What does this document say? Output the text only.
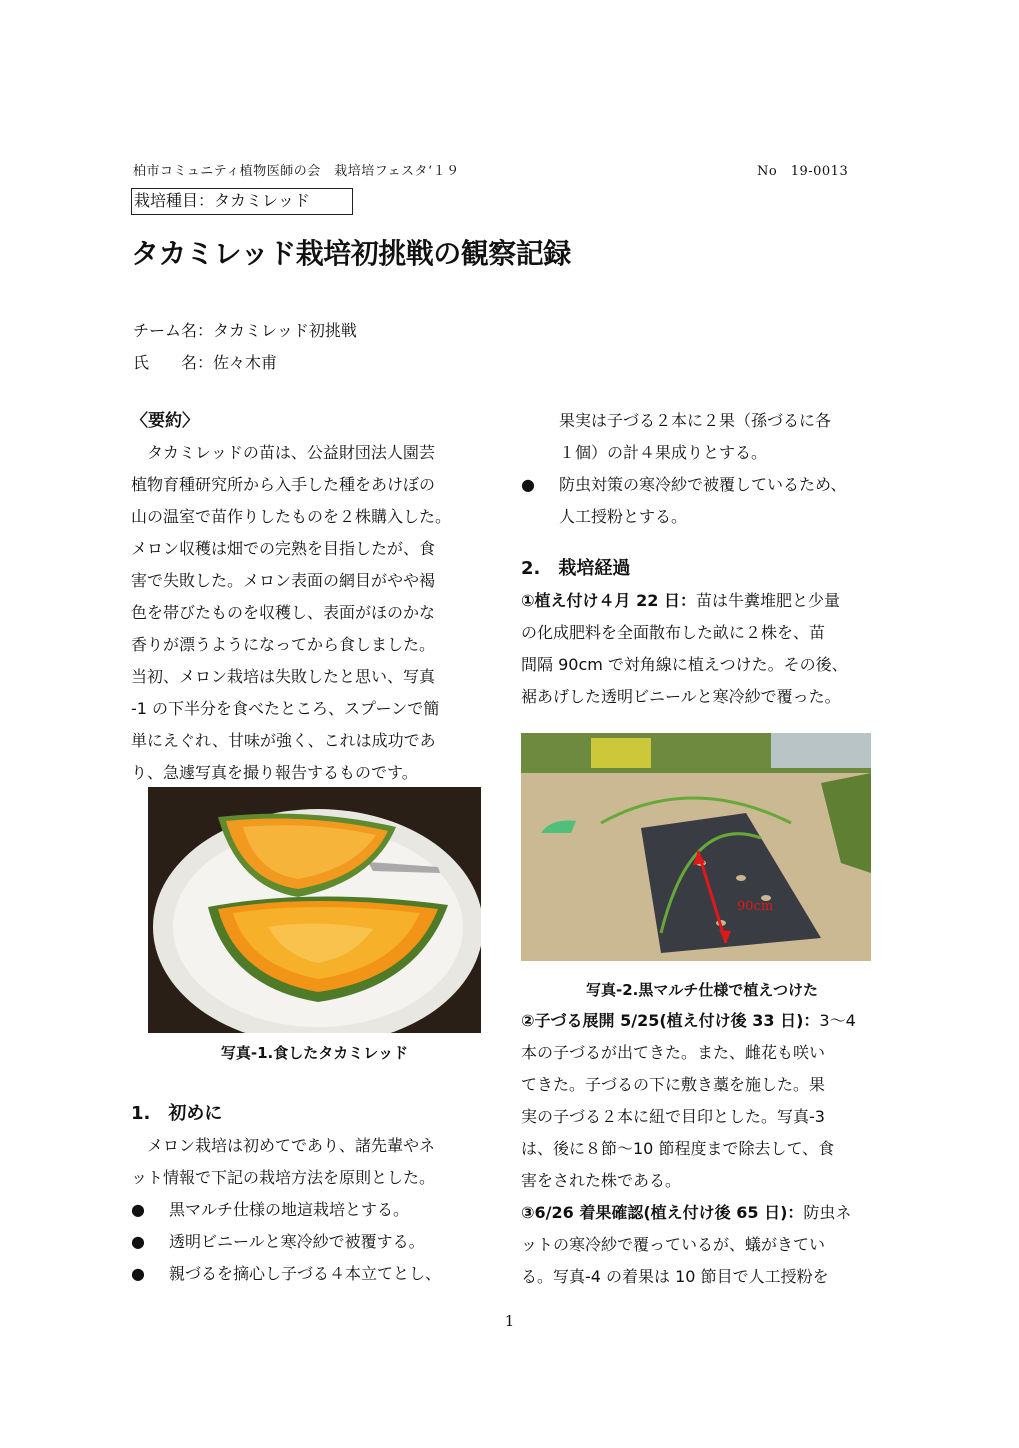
柏市コミュニティ植物医師の会　栽培培フェスタ‘１９	No　19-0013
栽培種目：タカミレッド
タカミレッド栽培初挑戦の観察記録
チーム名：タカミレッド初挑戦
氏　　名：佐々木甫

〈要約〉

タカミレッドの苗は、公益財団法人園芸

植物育種研究所から入手した種をあけぼの

山の温室で苗作りしたものを２株購入した。

メロン収穫は畑での完熟を目指したが、食

害で失敗した。メロン表面の網目がやや褐

色を帯びたものを収穫し、表面がほのかな

香りが漂うようになってから食しました。

当初、メロン栽培は失敗したと思い、写真

-1 の下半分を食べたところ、スプーンで簡

単にえぐれ、甘味が強く、これは成功であ

り、急遽写真を撮り報告するものです。

写真-1.食したタカミレッド

1.　初めに

メロン栽培は初めてであり、諸先輩やネ

ット情報で下記の栽培方法を原則とした。

●	黒マルチ仕様の地這栽培とする。
●	透明ビニールと寒冷紗で被覆する。
●	親づるを摘心し子づる４本立てとし、

果実は子づる２本に２果（孫づるに各

１個）の計４果成りとする。

●	防虫対策の寒冷紗で被覆しているため、

人工授粉とする。

2.　栽培経過

①植え付け４月 22 日：苗は牛糞堆肥と少量

の化成肥料を全面散布した畝に２株を、苗

間隔 90cm で対角線に植えつけた。その後、

裾あげした透明ビニールと寒冷紗で覆った。

90cm
写真-2.黒マルチ仕様で植えつけた

②子づる展開 5/25(植え付け後 33 日)：3～4

本の子づるが出てきた。また、雌花も咲い

てきた。子づるの下に敷き藁を施した。果

実の子づる２本に紐で目印とした。写真-3

は、後に８節～10 節程度まで除去して、食

害をされた株である。

③6/26 着果確認(植え付け後 65 日)：防虫ネ

ットの寒冷紗で覆っているが、蟻がきてい

る。写真-4 の着果は 10 節目で人工授粉を

1
